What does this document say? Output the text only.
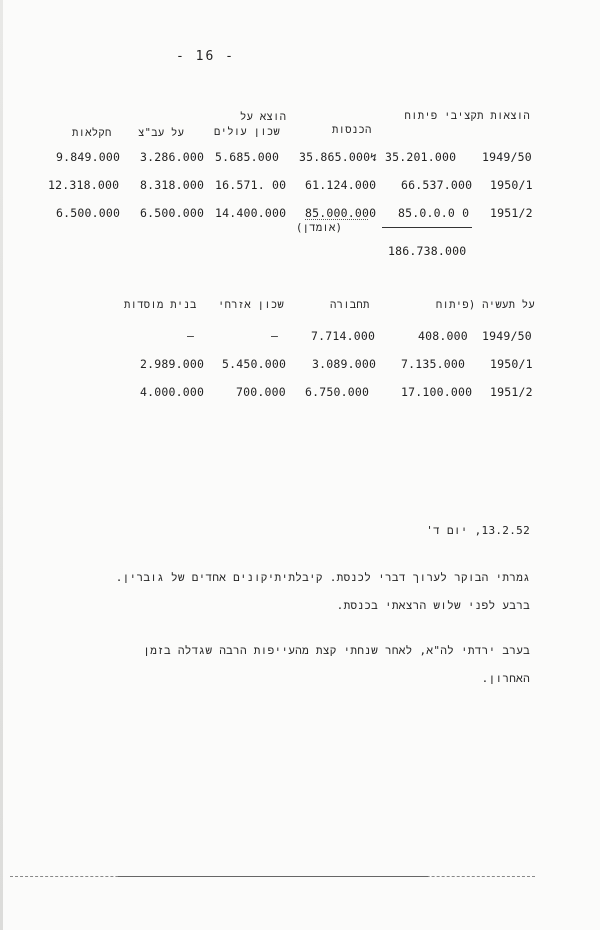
- 16 -
הוצאות תקציבי פיתוח
הוצא על
הכנסות
שכון עולים
על עב"צ
חקלאות
1949/50
↯ 35.201.000
35.865.000
5.685.000
3.286.000
9.849.000
1950/1
66.537.000
61.124.000
16.571. 00
8.318.000
12.318.000
1951/2
85.0.0.0 0
85.000.000
14.400.000
6.500.000
6.500.000
(אומדן)
186.738.000
על תעשיה (פיתוח
תחבורה
שכון אזרחי
בנית מוסדות
1949/50
408.000
7.714.000
–
–
1950/1
7.135.000
3.089.000
5.450.000
2.989.000
1951/2
17.100.000
6.750.000
700.000
4.000.000
13.2.52, יום ד'
גמרתי הבוקר לערוך דברי לכנסת. קיבלתיתיקונים אחדים של גוברין.
ברבע לפני שלוש הרצאתי בכנסת.
בערב ירדתי לה"א, לאחר שנחתי קצת מהעייפות הרבה שגדלה בזמן
האחרון.
